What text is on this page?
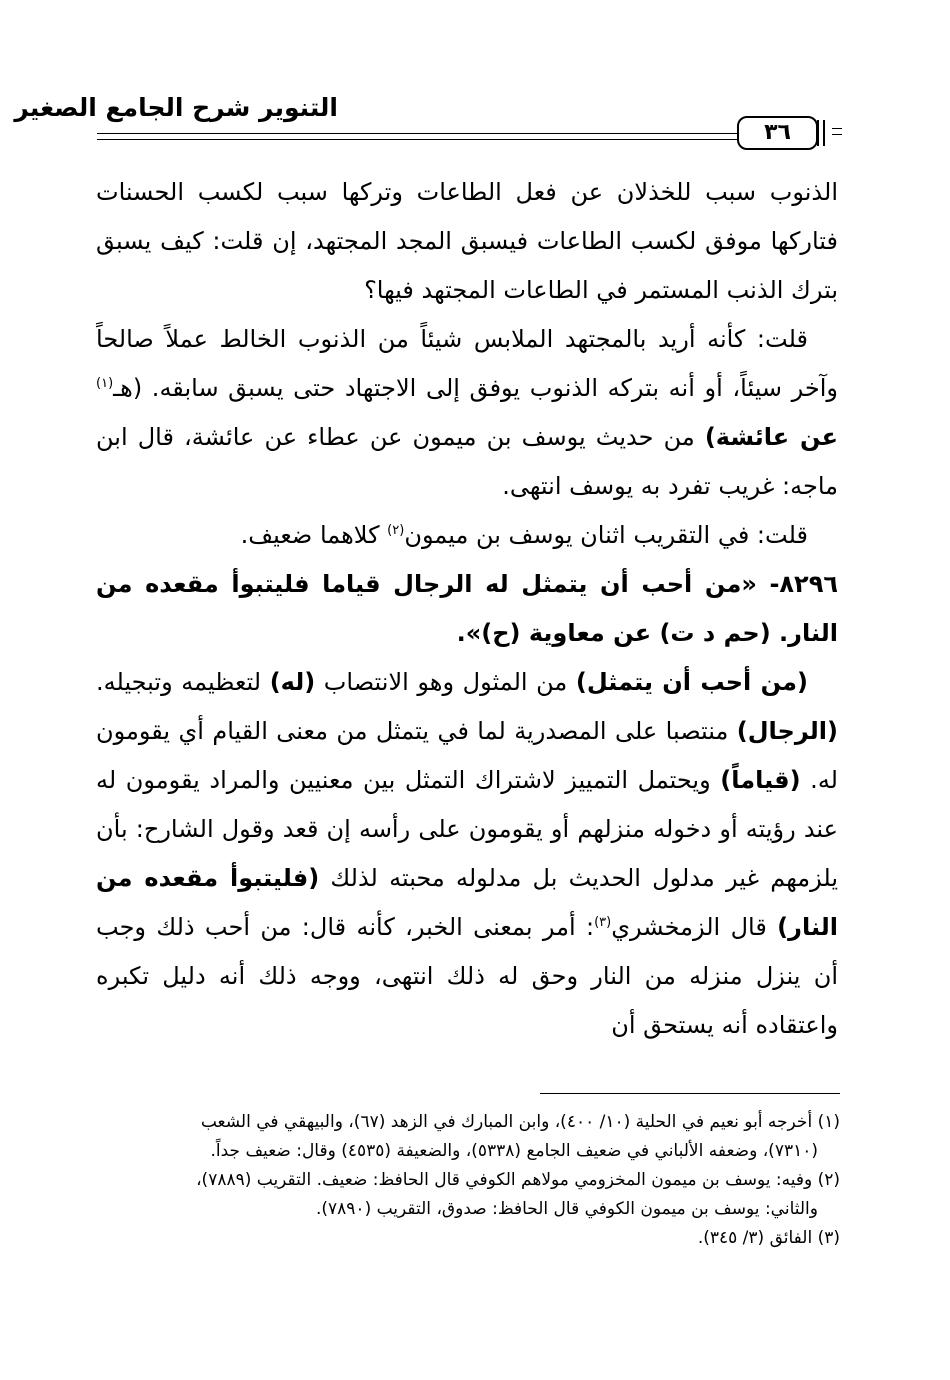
التنوير شرح الجامع الصغير
٣٦

الذنوب سبب للخذلان عن فعل الطاعات وتركها سبب لكسب الحسنات فتاركها موفق لكسب الطاعات فيسبق المجد المجتهد، إن قلت: كيف يسبق بترك الذنب المستمر في الطاعات المجتهد فيها؟

قلت: كأنه أريد بالمجتهد الملابس شيئاً من الذنوب الخالط عملاً صالحاً وآخر سيئاً، أو أنه بتركه الذنوب يوفق إلى الاجتهاد حتى يسبق سابقه. (هـ$^{(١)}$ عن عائشة) من حديث يوسف بن ميمون عن عطاء عن عائشة، قال ابن ماجه: غريب تفرد به يوسف انتهى.

قلت: في التقريب اثنان يوسف بن ميمون$^{(٢)}$ كلاهما ضعيف.

٨٢٩٦- «من أحب أن يتمثل له الرجال قياما فليتبوأ مقعده من النار. (حم د ت) عن معاوية (ح)».

(من أحب أن يتمثل) من المثول وهو الانتصاب (له) لتعظيمه وتبجيله. (الرجال) منتصبا على المصدرية لما في يتمثل من معنى القيام أي يقومون له. (قياماً) ويحتمل التمييز لاشتراك التمثل بين معنيين والمراد يقومون له عند رؤيته أو دخوله منزلهم أو يقومون على رأسه إن قعد وقول الشارح: بأن يلزمهم غير مدلول الحديث بل مدلوله محبته لذلك (فليتبوأ مقعده من النار) قال الزمخشري$^{(٣)}$: أمر بمعنى الخبر، كأنه قال: من أحب ذلك وجب أن ينزل منزله من النار وحق له ذلك انتهى، ووجه ذلك أنه دليل تكبره واعتقاده أنه يستحق أن

(١) أخرجه أبو نعيم في الحلية (١٠/ ٤٠٠)، وابن المبارك في الزهد (٦٧)، والبيهقي في الشعب

(٧٣١٠)، وضعفه الألباني في ضعيف الجامع (٥٣٣٨)، والضعيفة (٤٥٣٥) وقال: ضعيف جداً.

(٢) وفيه: يوسف بن ميمون المخزومي مولاهم الكوفي قال الحافظ: ضعيف. التقريب (٧٨٨٩)،

والثاني: يوسف بن ميمون الكوفي قال الحافظ: صدوق، التقريب (٧٨٩٠).

(٣) الفائق (٣/ ٣٤٥).
